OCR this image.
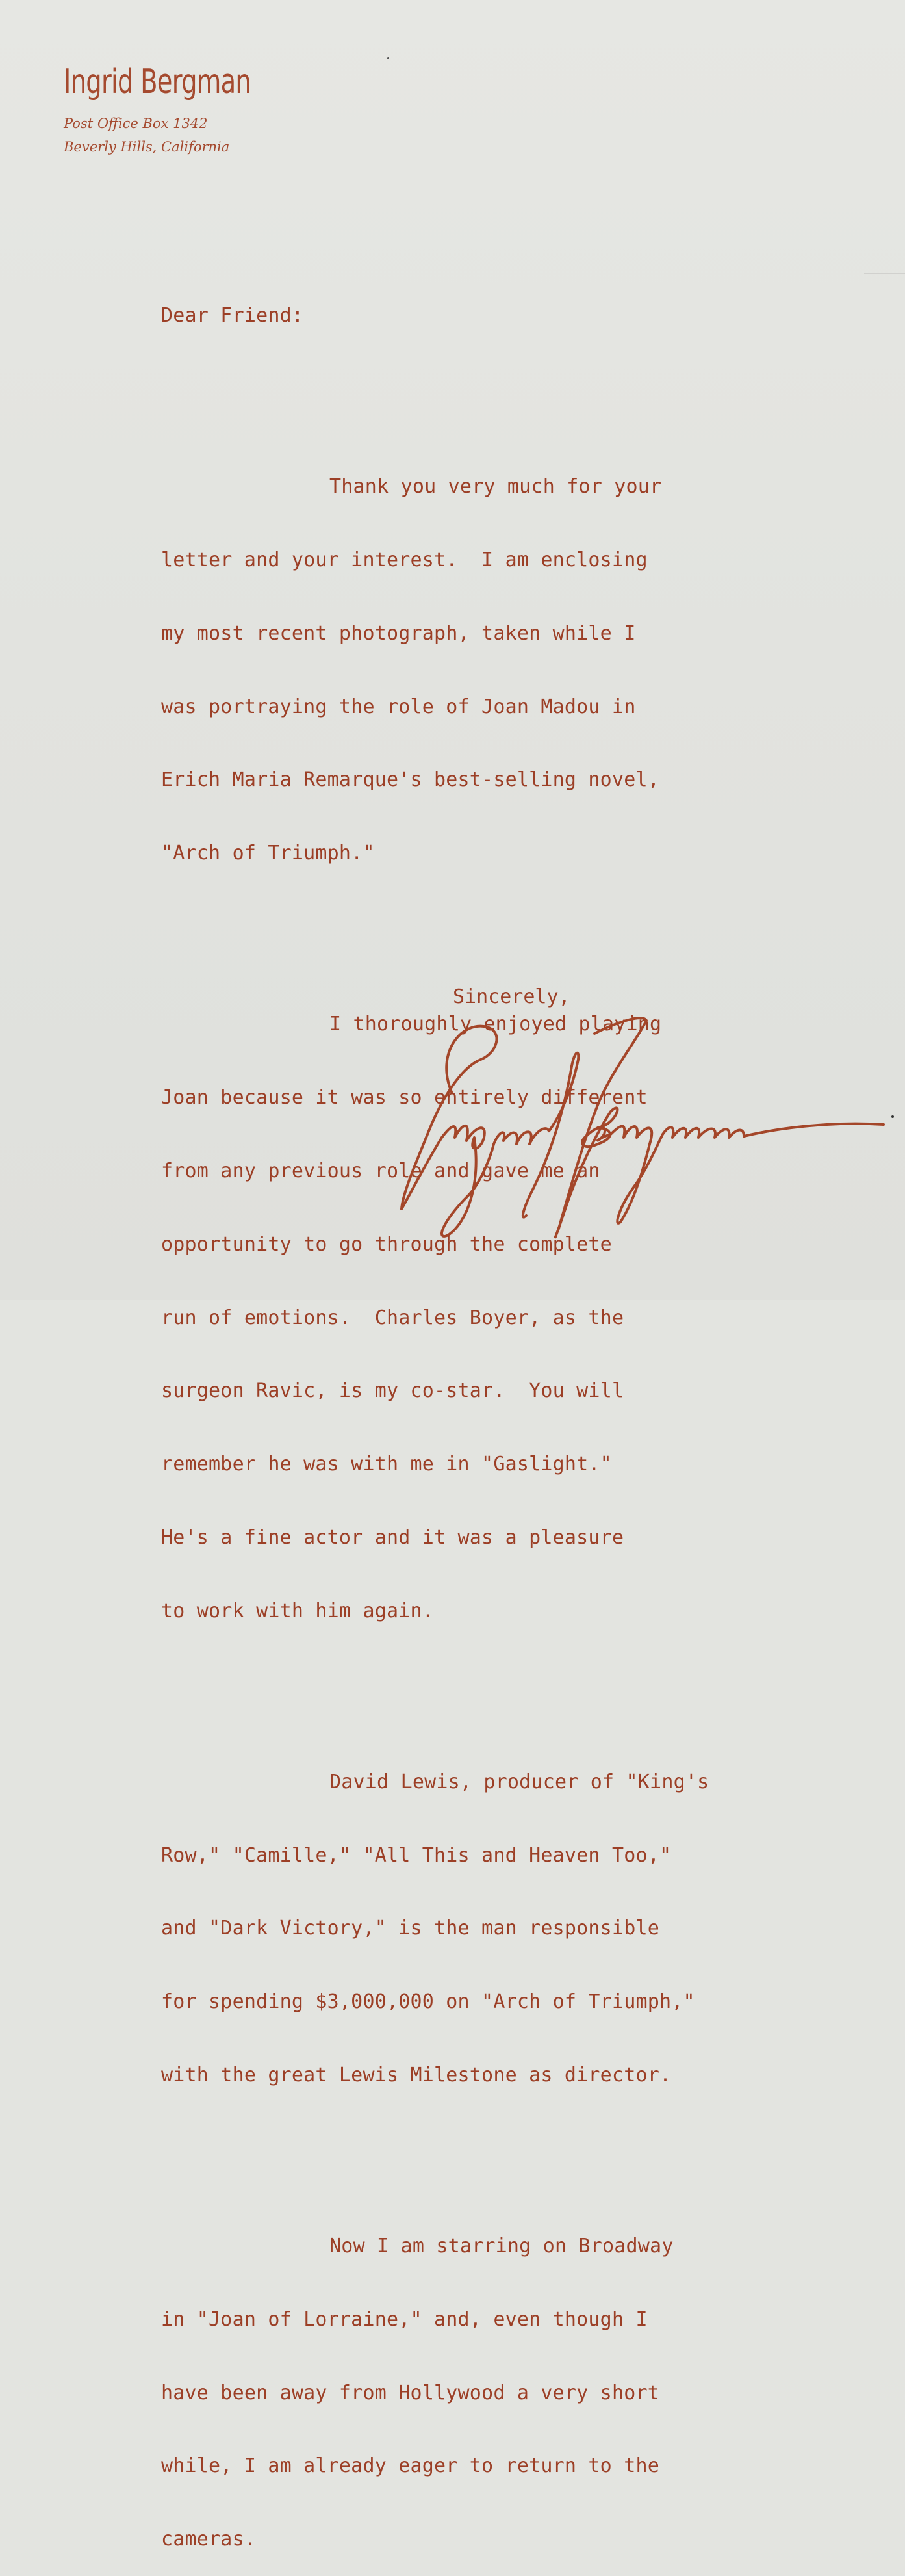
Ingrid Bergman
Post Office Box 1342
Beverly Hills, California

Dear Friend:

Thank you very much for your

letter and your interest.  I am enclosing

my most recent photograph, taken while I

was portraying the role of Joan Madou in

Erich Maria Remarque's best-selling novel,

"Arch of Triumph."

I thoroughly enjoyed playing

Joan because it was so entirely different

from any previous role and gave me an

opportunity to go through the complete

run of emotions.  Charles Boyer, as the

surgeon Ravic, is my co-star.  You will

remember he was with me in "Gaslight."

He's a fine actor and it was a pleasure

to work with him again.

David Lewis, producer of "King's

Row," "Camille," "All This and Heaven Too,"

and "Dark Victory," is the man responsible

for spending $3,000,000 on "Arch of Triumph,"

with the great Lewis Milestone as director.

Now I am starring on Broadway

in "Joan of Lorraine," and, even though I

have been away from Hollywood a very short

while, I am already eager to return to the

cameras.

Sincerely,
